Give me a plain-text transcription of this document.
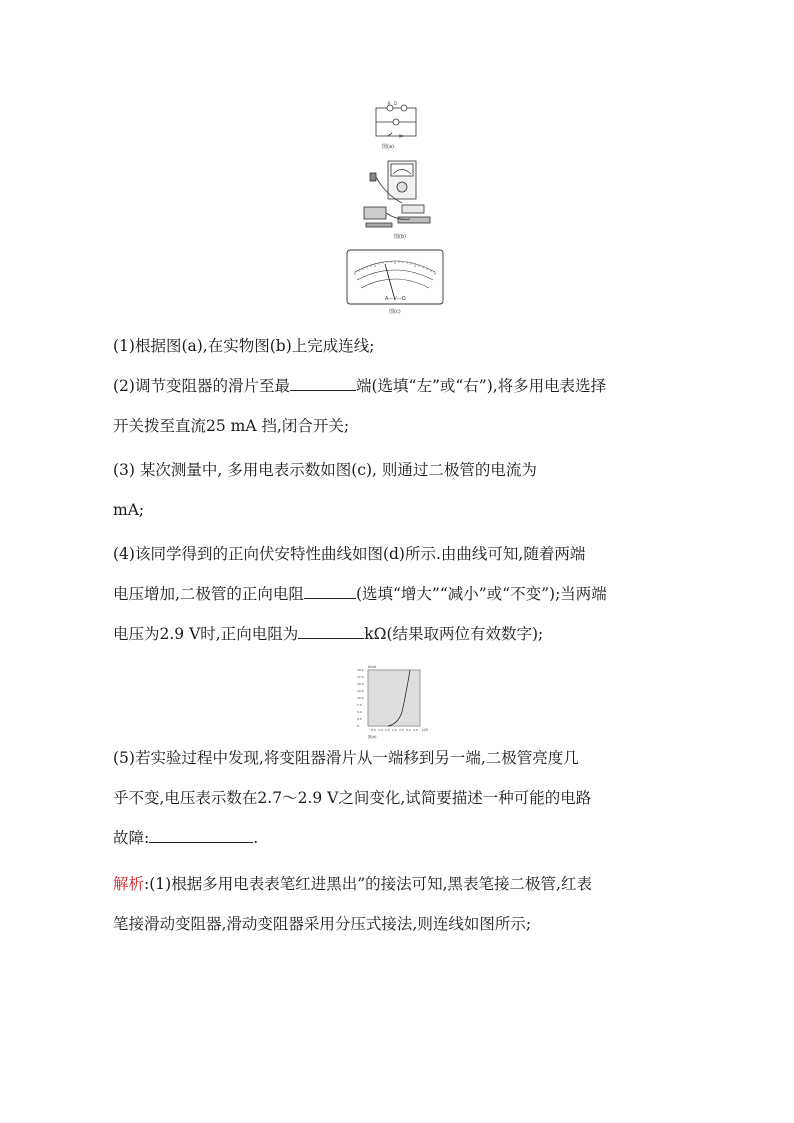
P D
图(a)
图(b)
A—V—Ω
图(c)

(1)根据图(a),在实物图(b)上完成连线;

(2)调节变阻器的滑片至最	端(选填“左”或“右”),将多用电表选择
开关拨至直流25 mA 挡,闭合开关;

(3) 某次测量中, 多用电表示数如图(c), 则通过二极管的电流为
mA;

(4)该同学得到的正向伏安特性曲线如图(d)所示.由曲线可知,随着两端
电压增加,二极管的正向电阻	(选填“增大”“减小”或“不变”);当两端
电压为2.9 V时,正向电阻为	kΩ(结果取两位有效数字);

I/mA
20.0
17.5
15.0
12.5
10.0
7.5
5.0
2.5
0
0.5 1.0 1.5 2.0 2.5 3.0 3.5 U/V
图(d)

(5)若实验过程中发现,将变阻器滑片从一端移到另一端,二极管亮度几
乎不变,电压表示数在2.7～2.9 V之间变化,试简要描述一种可能的电路
故障:	.

解析:(1)根据多用电表表笔红进黑出”的接法可知,黑表笔接二极管,红表
笔接滑动变阻器,滑动变阻器采用分压式接法,则连线如图所示;
